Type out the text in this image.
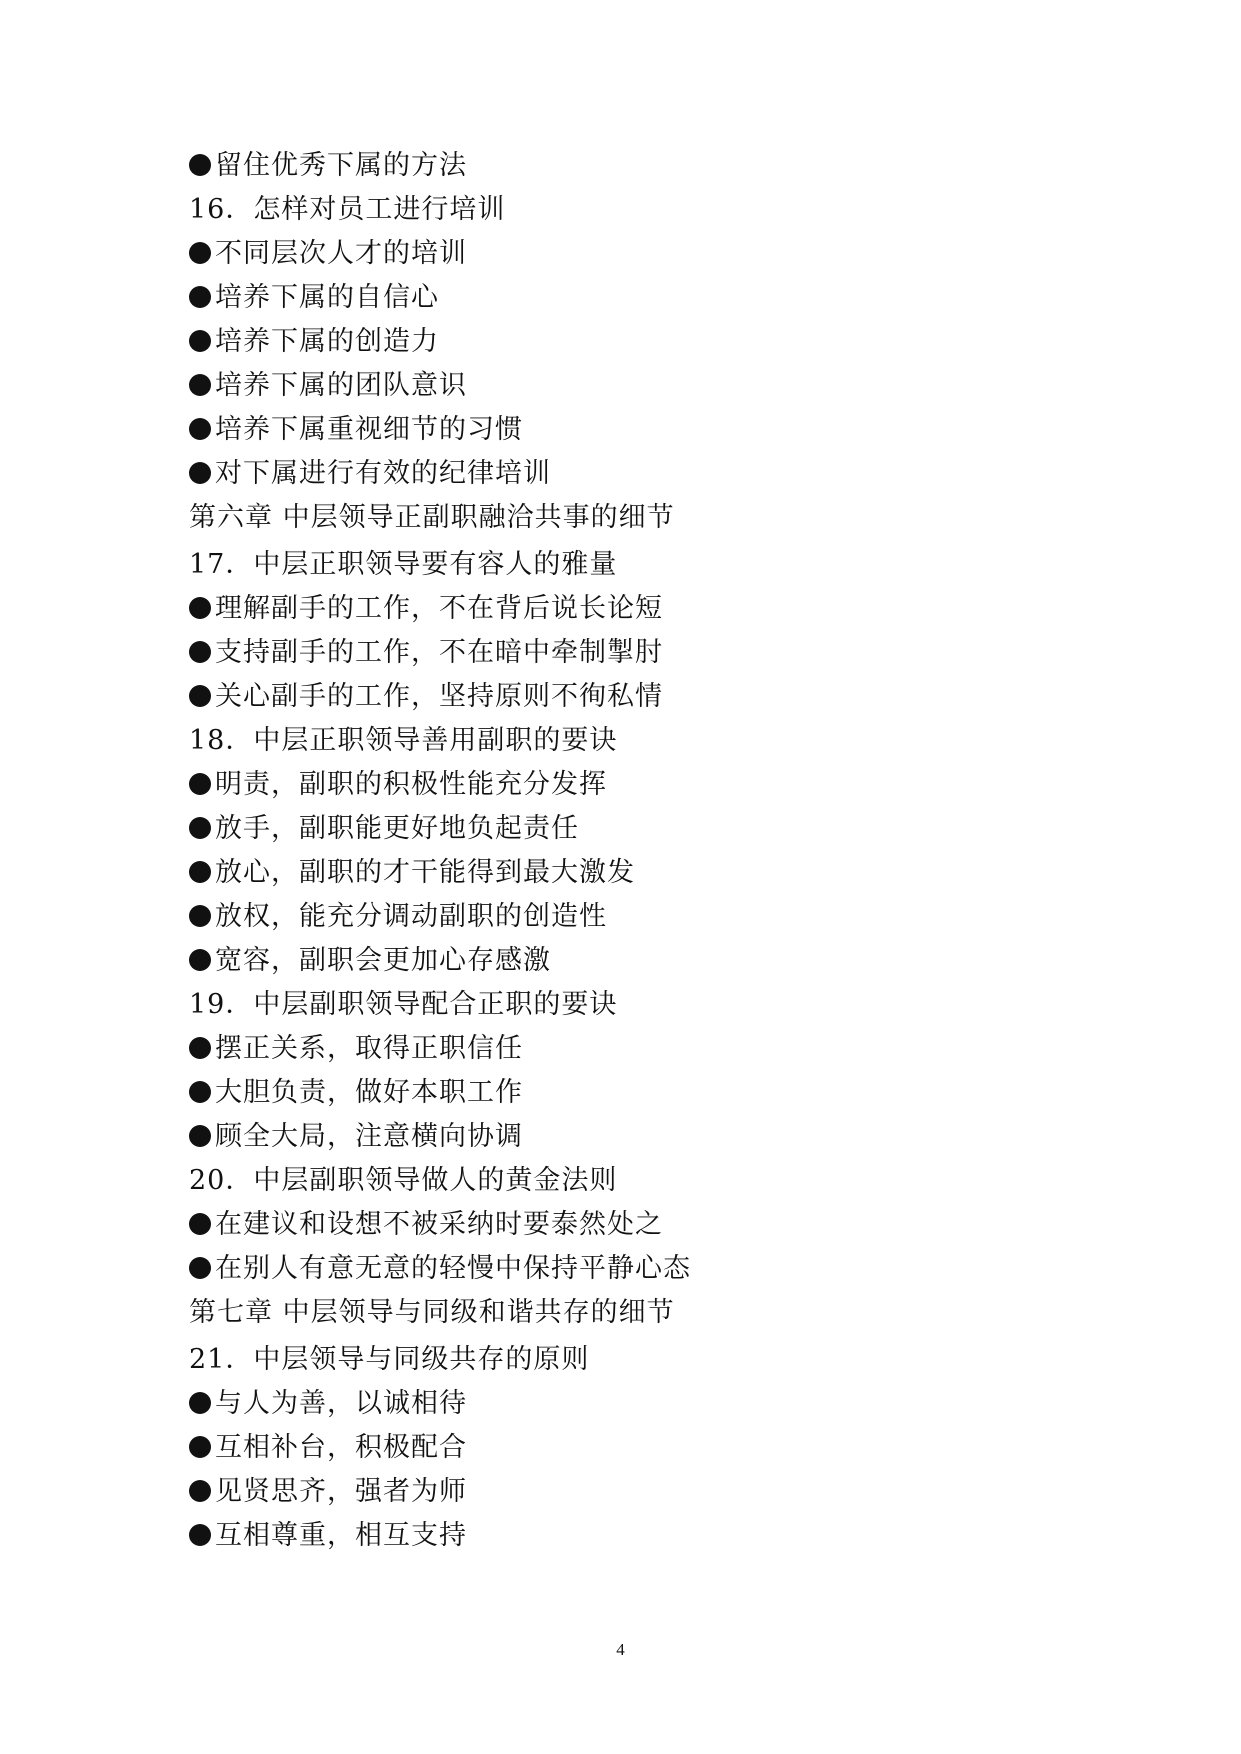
留住优秀下属的方法
16．怎样对员工进行培训
不同层次人才的培训
培养下属的自信心
培养下属的创造力
培养下属的团队意识
培养下属重视细节的习惯
对下属进行有效的纪律培训
第六章 中层领导正副职融洽共事的细节
17．中层正职领导要有容人的雅量
理解副手的工作，不在背后说长论短
支持副手的工作，不在暗中牵制掣肘
关心副手的工作，坚持原则不徇私情
18．中层正职领导善用副职的要诀
明责，副职的积极性能充分发挥
放手，副职能更好地负起责任
放心，副职的才干能得到最大激发
放权，能充分调动副职的创造性
宽容，副职会更加心存感激
19．中层副职领导配合正职的要诀
摆正关系，取得正职信任
大胆负责，做好本职工作
顾全大局，注意横向协调
20．中层副职领导做人的黄金法则
在建议和设想不被采纳时要泰然处之
在别人有意无意的轻慢中保持平静心态
第七章 中层领导与同级和谐共存的细节
21．中层领导与同级共存的原则
与人为善，以诚相待
互相补台，积极配合
见贤思齐，强者为师
互相尊重，相互支持
4
